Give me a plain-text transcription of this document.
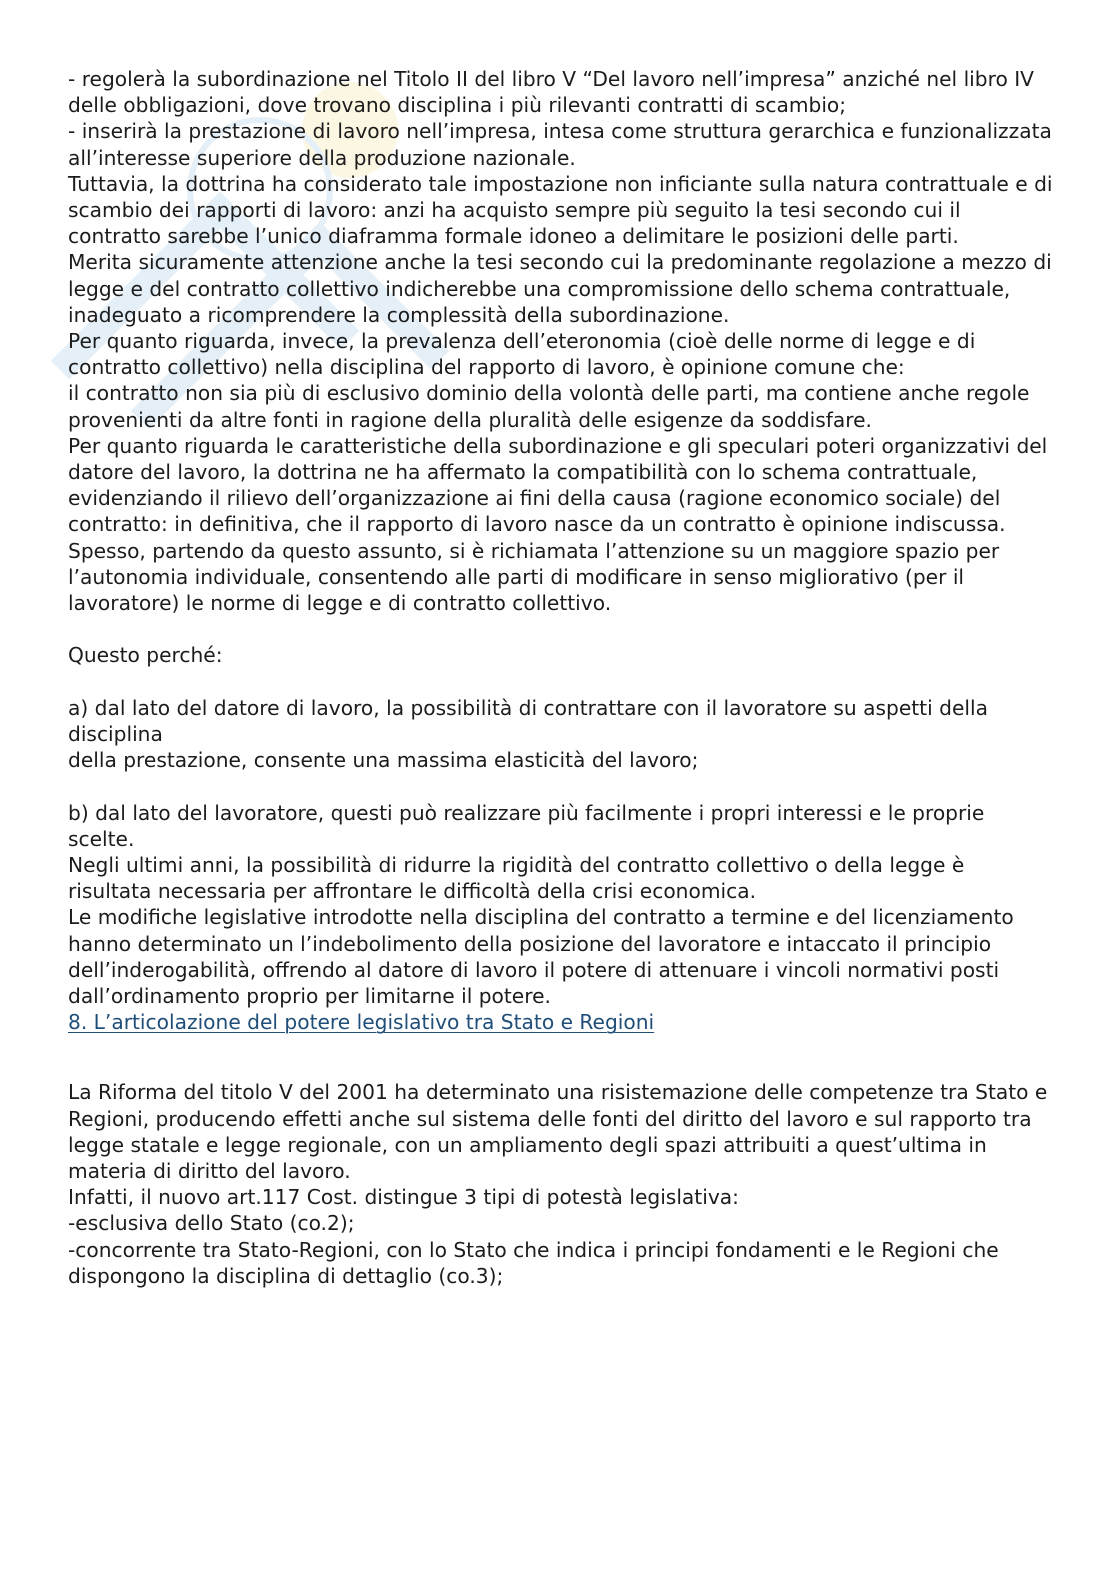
- regolerà la subordinazione nel Titolo II del libro V “Del lavoro nell’impresa” anziché nel libro IV delle obbligazioni, dove trovano disciplina i più rilevanti contratti di scambio;

- inserirà la prestazione di lavoro nell’impresa, intesa come struttura gerarchica e funzionalizzata all’interesse superiore della produzione nazionale.

Tuttavia, la dottrina ha considerato tale impostazione non inficiante sulla natura contrattuale e di scambio dei rapporti di lavoro: anzi ha acquisto sempre più seguito la tesi secondo cui il contratto sarebbe l’unico diaframma formale idoneo a delimitare le posizioni delle parti.

Merita sicuramente attenzione anche la tesi secondo cui la predominante regolazione a mezzo di legge e del contratto collettivo indicherebbe una compromissione dello schema contrattuale, inadeguato a ricomprendere la complessità della subordinazione.

Per quanto riguarda, invece, la prevalenza dell’eteronomia (cioè delle norme di legge e di contratto collettivo) nella disciplina del rapporto di lavoro, è opinione comune che:

il contratto non sia più di esclusivo dominio della volontà delle parti, ma contiene anche regole provenienti da altre fonti in ragione della pluralità delle esigenze da soddisfare.

Per quanto riguarda le caratteristiche della subordinazione e gli speculari poteri organizzativi del datore del lavoro, la dottrina ne ha affermato la compatibilità con lo schema contrattuale, evidenziando il rilievo dell’organizzazione ai fini della causa (ragione economico sociale) del contratto: in definitiva, che il rapporto di lavoro nasce da un contratto è opinione indiscussa.

Spesso, partendo da questo assunto, si è richiamata l’attenzione su un maggiore spazio per l’autonomia individuale, consentendo alle parti di modificare in senso migliorativo (per il lavoratore) le norme di legge e di contratto collettivo.

Questo perché:

a) dal lato del datore di lavoro, la possibilità di contrattare con il lavoratore su aspetti della disciplina

della prestazione, consente una massima elasticità del lavoro;

b) dal lato del lavoratore, questi può realizzare più facilmente i propri interessi e le proprie scelte.

Negli ultimi anni, la possibilità di ridurre la rigidità del contratto collettivo o della legge è risultata necessaria per affrontare le difficoltà della crisi economica.

Le modifiche legislative introdotte nella disciplina del contratto a termine e del licenziamento hanno determinato un l’indebolimento della posizione del lavoratore e intaccato il principio dell’inderogabilità, offrendo al datore di lavoro il potere di attenuare i vincoli normativi posti dall’ordinamento proprio per limitarne il potere.

8. L’articolazione del potere legislativo tra Stato e Regioni

La Riforma del titolo V del 2001 ha determinato una risistemazione delle competenze tra Stato e Regioni, producendo effetti anche sul sistema delle fonti del diritto del lavoro e sul rapporto tra legge statale e legge regionale, con un ampliamento degli spazi attribuiti a quest’ultima in materia di diritto del lavoro.

Infatti, il nuovo art.117 Cost. distingue 3 tipi di potestà legislativa:

-esclusiva dello Stato (co.2);

-concorrente tra Stato-Regioni, con lo Stato che indica i principi fondamenti e le Regioni che dispongono la disciplina di dettaglio (co.3);
